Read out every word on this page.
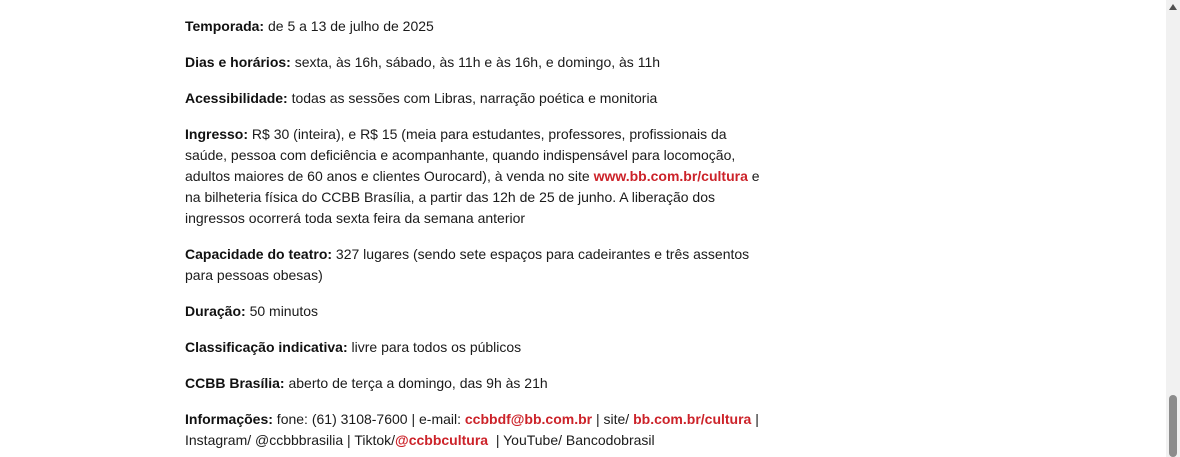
Temporada: de 5 a 13 de julho de 2025

Dias e horários: sexta, às 16h, sábado, às 11h e às 16h, e domingo, às 11h

Acessibilidade: todas as sessões com Libras, narração poética e monitoria

Ingresso: R$ 30 (inteira), e R$ 15 (meia para estudantes, professores, profissionais da saúde, pessoa com deficiência e acompanhante, quando indispensável para locomoção, adultos maiores de 60 anos e clientes Ourocard), à venda no site www.bb.com.br/cultura e na bilheteria física do CCBB Brasília, a partir das 12h de 25 de junho. A liberação dos ingressos ocorrerá toda sexta feira da semana anterior

Capacidade do teatro: 327 lugares (sendo sete espaços para cadeirantes e três assentos para pessoas obesas)

Duração: 50 minutos

Classificação indicativa: livre para todos os públicos

CCBB Brasília: aberto de terça a domingo, das 9h às 21h

Informações: fone: (61) 3108-7600 | e-mail: ccbbdf@bb.com.br | site/ bb.com.br/cultura | Instagram/ @ccbbbrasilia | Tiktok/@ccbbcultura  | YouTube/ Bancodobrasil
